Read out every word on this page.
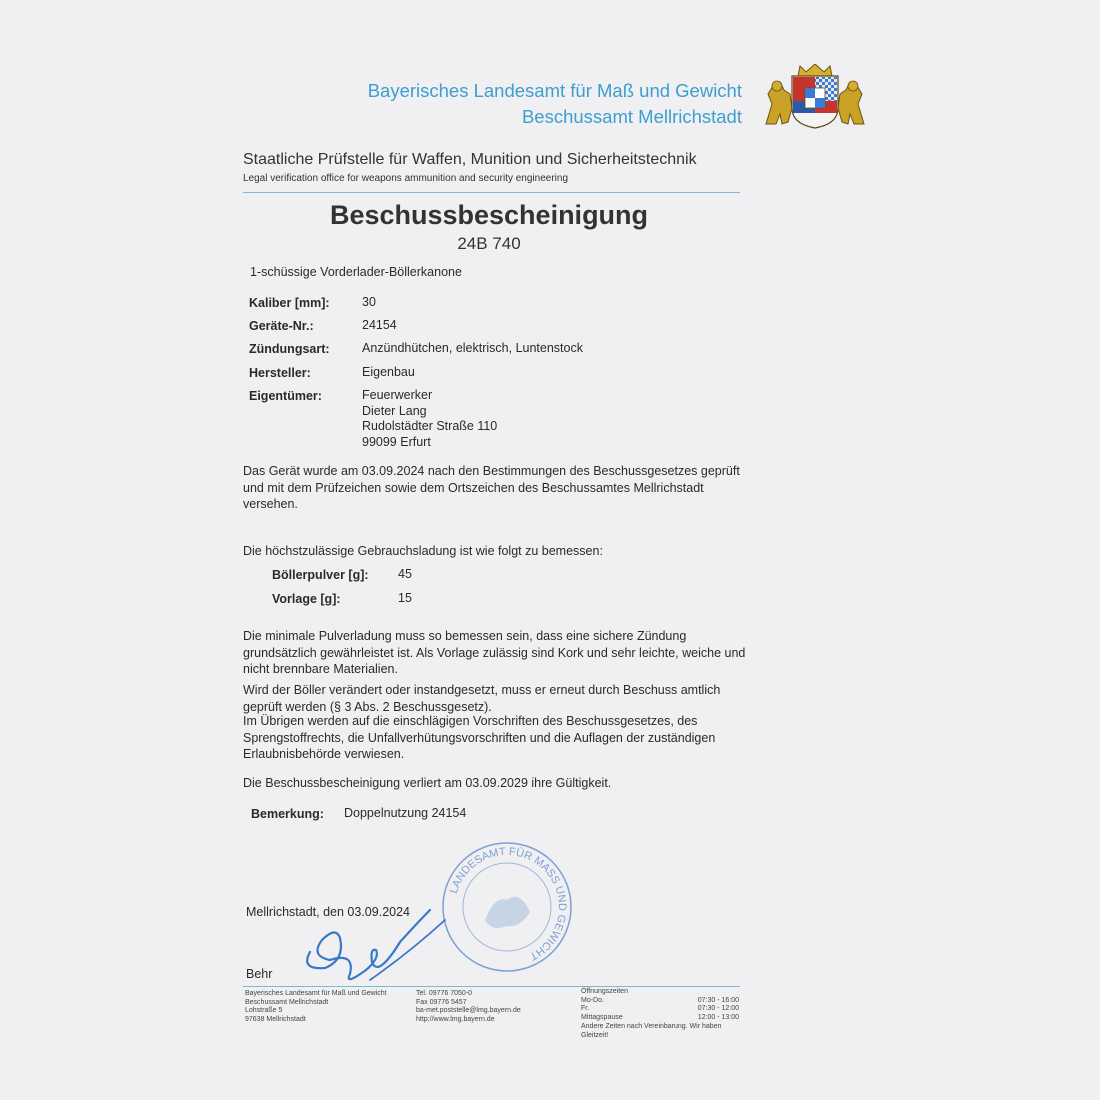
Bayerisches Landesamt für Maß und Gewicht
Beschussamt Mellrichstadt
Staatliche Prüfstelle für Waffen, Munition und Sicherheitstechnik
Legal verification office for weapons ammunition and security engineering
Beschussbescheinigung
24B 740
1-schüssige Vorderlader-Böllerkanone
Kaliber [mm]:	30
Geräte-Nr.:	24154
Zündungsart:	Anzündhütchen, elektrisch, Luntenstock
Hersteller:	Eigenbau
Eigentümer:	Feuerwerker
Dieter Lang
Rudolstädter Straße 110
99099 Erfurt
Das Gerät wurde am 03.09.2024 nach den Bestimmungen des Beschussgesetzes geprüft und mit dem Prüfzeichen sowie dem Ortszeichen des Beschussamtes Mellrichstadt versehen.
Die höchstzulässige Gebrauchsladung ist wie folgt zu bemessen:
Böllerpulver [g]: 45
Vorlage [g]:	15
Die minimale Pulverladung muss so bemessen sein, dass eine sichere Zündung grundsätzlich gewährleistet ist. Als Vorlage zulässig sind Kork und sehr leichte, weiche und nicht brennbare Materialien.
Wird der Böller verändert oder instandgesetzt, muss er erneut durch Beschuss amtlich geprüft werden (§ 3 Abs. 2 Beschussgesetz).
Im Übrigen werden auf die einschlägigen Vorschriften des Beschussgesetzes, des Sprengstoffrechts, die Unfallverhütungsvorschriften und die Auflagen der zuständigen Erlaubnisbehörde verwiesen.
Die Beschussbescheinigung verliert am 03.09.2029 ihre Gültigkeit.
Bemerkung: Doppelnutzung 24154
LANDESAMT FÜR MASS UND GEWICHT
Mellrichstadt, den 03.09.2024
Behr
Bayerisches Landesamt für Maß und Gewicht
Beschussamt Mellrichstadt
Lohstraße 5
97638 Mellrichstadt
Tel. 09776 7050-0
Fax 09776 5457
ba-met.poststelle@lmg.bayern.de
http://www.lmg.bayern.de
Öffnungszeiten
Mo-Do.	07:30 - 16:00
Fr.	07:30 - 12:00
Mittagspause	12:00 - 13:00
Andere Zeiten nach Vereinbarung. Wir haben
Gleitzeit!
